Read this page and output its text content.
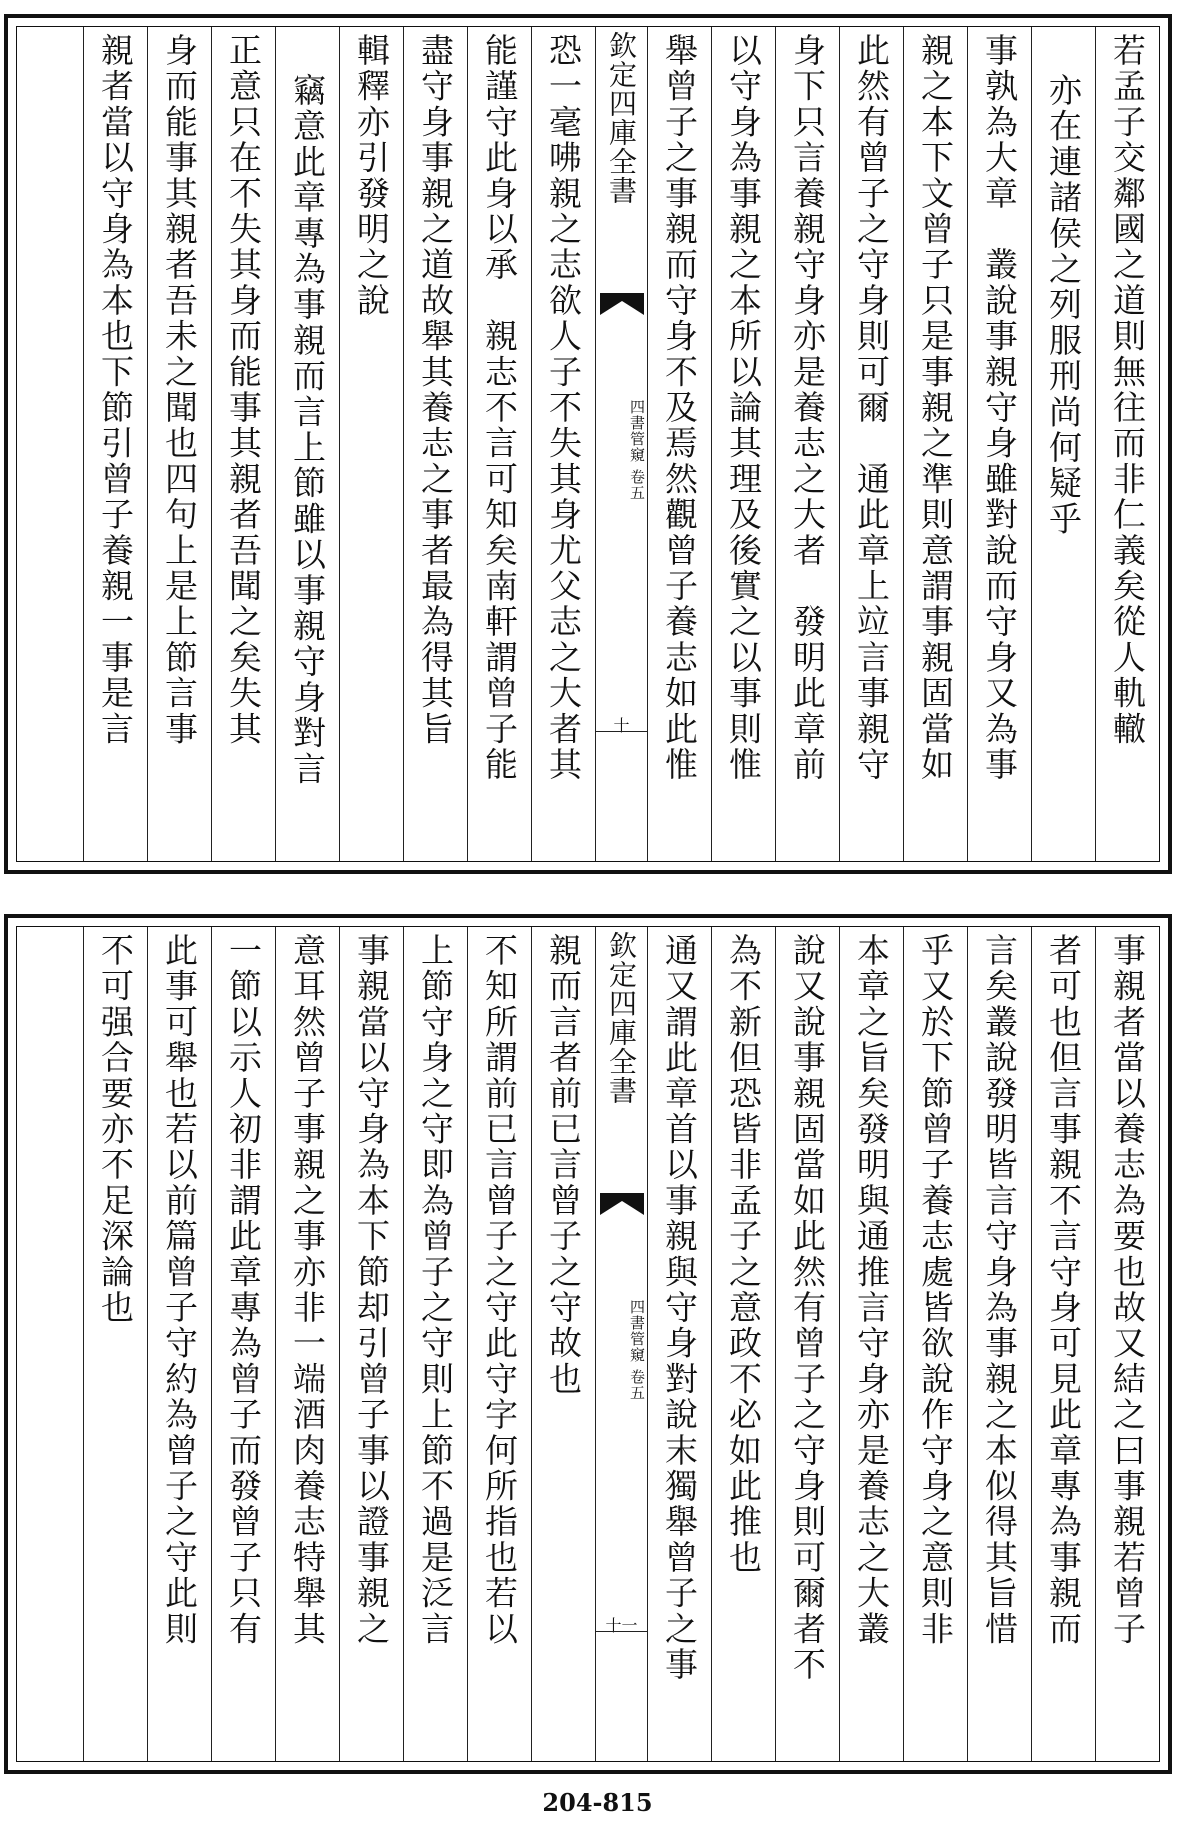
若孟子交鄰國之道則無往而非仁義矣從人軌轍
亦在連諸侯之列服刑尚何疑乎
事孰為大章　叢說事親守身雖對說而守身又為事
親之本下文曾子只是事親之準則意謂事親固當如
此然有曾子之守身則可爾　通此章上竝言事親守
身下只言養親守身亦是養志之大者　發明此章前
以守身為事親之本所以論其理及後實之以事則惟
舉曾子之事親而守身不及焉然觀曾子養志如此惟
欽定四庫全書
四書管窺 卷五
十
恐一毫咈親之志欲人子不失其身尤父志之大者其
能謹守此身以承　親志不言可知矣南軒謂曾子能
盡守身事親之道故舉其養志之事者最為得其旨
輯釋亦引發明之說
竊意此章專為事親而言上節雖以事親守身對言
正意只在不失其身而能事其親者吾聞之矣失其
身而能事其親者吾未之聞也四句上是上節言事
親者當以守身為本也下節引曾子養親一事是言
事親者當以養志為要也故又結之曰事親若曾子
者可也但言事親不言守身可見此章專為事親而
言矣叢說發明皆言守身為事親之本似得其旨惜
乎又於下節曾子養志處皆欲說作守身之意則非
本章之旨矣發明與通推言守身亦是養志之大叢
說又說事親固當如此然有曾子之守身則可爾者不
為不新但恐皆非孟子之意政不必如此推也
通又謂此章首以事親與守身對說末獨舉曾子之事
欽定四庫全書
四書管窺 卷五
十一
親而言者前已言曾子之守故也
不知所謂前已言曾子之守此守字何所指也若以
上節守身之守即為曾子之守則上節不過是泛言
事親當以守身為本下節却引曾子事以證事親之
意耳然曾子事親之事亦非一端酒肉養志特舉其
一節以示人初非謂此章專為曾子而發曾子只有
此事可舉也若以前篇曾子守約為曾子之守此則
不可强合要亦不足深論也
204-815
